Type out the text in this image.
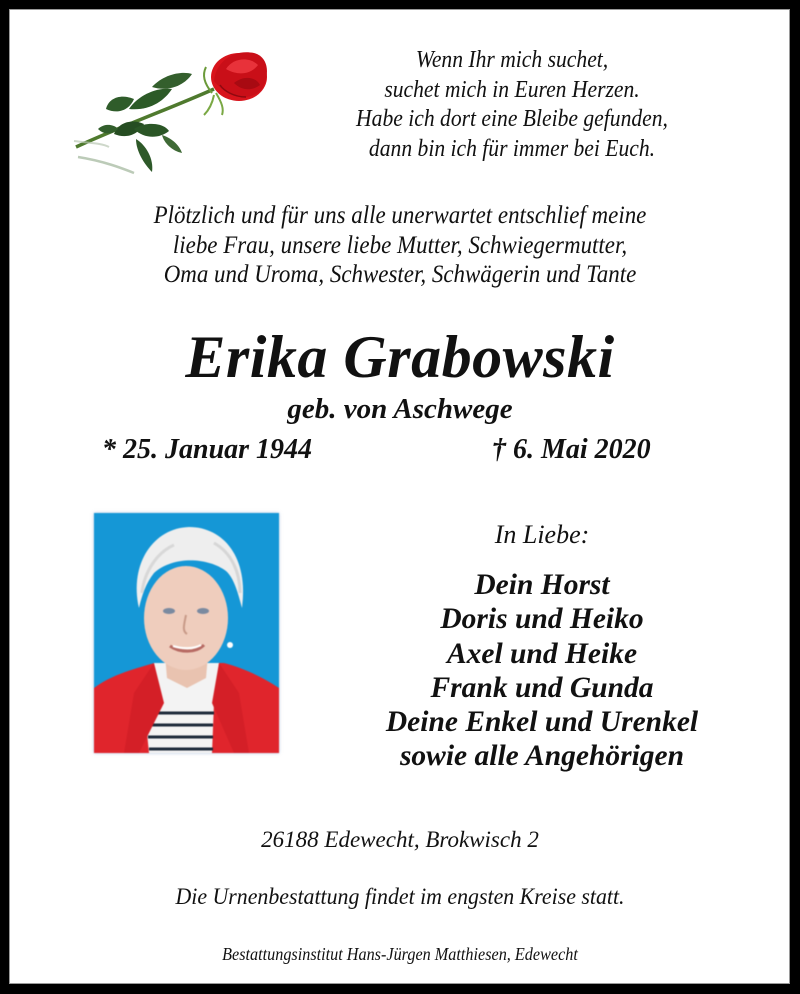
Wenn Ihr mich suchet,
suchet mich in Euren Herzen.
Habe ich dort eine Bleibe gefunden,
dann bin ich für immer bei Euch.
Plötzlich und für uns alle unerwartet entschlief meine
liebe Frau, unsere liebe Mutter, Schwiegermutter,
Oma und Uroma, Schwester, Schwägerin und Tante
Erika Grabowski
geb. von Aschwege
* 25. Januar 1944	† 6. Mai 2020
In Liebe:
Dein Horst
Doris und Heiko
Axel und Heike
Frank und Gunda
Deine Enkel und Urenkel
sowie alle Angehörigen
26188 Edewecht, Brokwisch 2
Die Urnenbestattung findet im engsten Kreise statt.
Bestattungsinstitut Hans-Jürgen Matthiesen, Edewecht
